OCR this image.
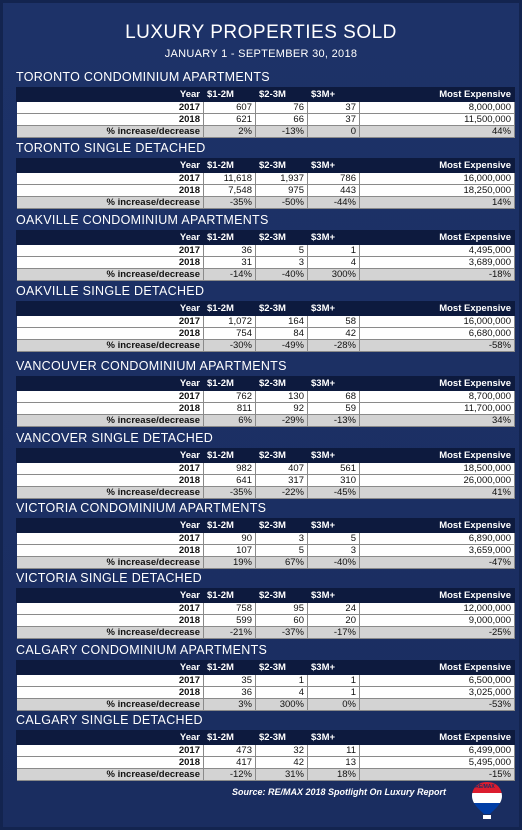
LUXURY PROPERTIES SOLD
JANUARY 1 - SEPTEMBER 30, 2018
TORONTO CONDOMINIUM APARTMENTS
Year	$1-2M	$2-3M	$3M+	Most Expensive
2017	607	76	37	8,000,000
2018	621	66	37	11,500,000
% increase/decrease	2%	-13%	0	44%
TORONTO SINGLE DETACHED
Year	$1-2M	$2-3M	$3M+	Most Expensive
2017	11,618	1,937	786	16,000,000
2018	7,548	975	443	18,250,000
% increase/decrease	-35%	-50%	-44%	14%
OAKVILLE CONDOMINIUM APARTMENTS
Year	$1-2M	$2-3M	$3M+	Most Expensive
2017	36	5	1	4,495,000
2018	31	3	4	3,689,000
% increase/decrease	-14%	-40%	300%	-18%
OAKVILLE SINGLE DETACHED
Year	$1-2M	$2-3M	$3M+	Most Expensive
2017	1,072	164	58	16,000,000
2018	754	84	42	6,680,000
% increase/decrease	-30%	-49%	-28%	-58%
VANCOUVER CONDOMINIUM APARTMENTS
Year	$1-2M	$2-3M	$3M+	Most Expensive
2017	762	130	68	8,700,000
2018	811	92	59	11,700,000
% increase/decrease	6%	-29%	-13%	34%
VANCOVER SINGLE DETACHED
Year	$1-2M	$2-3M	$3M+	Most Expensive
2017	982	407	561	18,500,000
2018	641	317	310	26,000,000
% increase/decrease	-35%	-22%	-45%	41%
VICTORIA CONDOMINIUM APARTMENTS
Year	$1-2M	$2-3M	$3M+	Most Expensive
2017	90	3	5	6,890,000
2018	107	5	3	3,659,000
% increase/decrease	19%	67%	-40%	-47%
VICTORIA SINGLE DETACHED
Year	$1-2M	$2-3M	$3M+	Most Expensive
2017	758	95	24	12,000,000
2018	599	60	20	9,000,000
% increase/decrease	-21%	-37%	-17%	-25%
CALGARY CONDOMINIUM APARTMENTS
Year	$1-2M	$2-3M	$3M+	Most Expensive
2017	35	1	1	6,500,000
2018	36	4	1	3,025,000
% increase/decrease	3%	300%	0%	-53%
CALGARY SINGLE DETACHED
Year	$1-2M	$2-3M	$3M+	Most Expensive
2017	473	32	11	6,499,000
2018	417	42	13	5,495,000
% increase/decrease	-12%	31%	18%	-15%
Source: RE/MAX 2018 Spotlight On Luxury Report	RE/MAX
